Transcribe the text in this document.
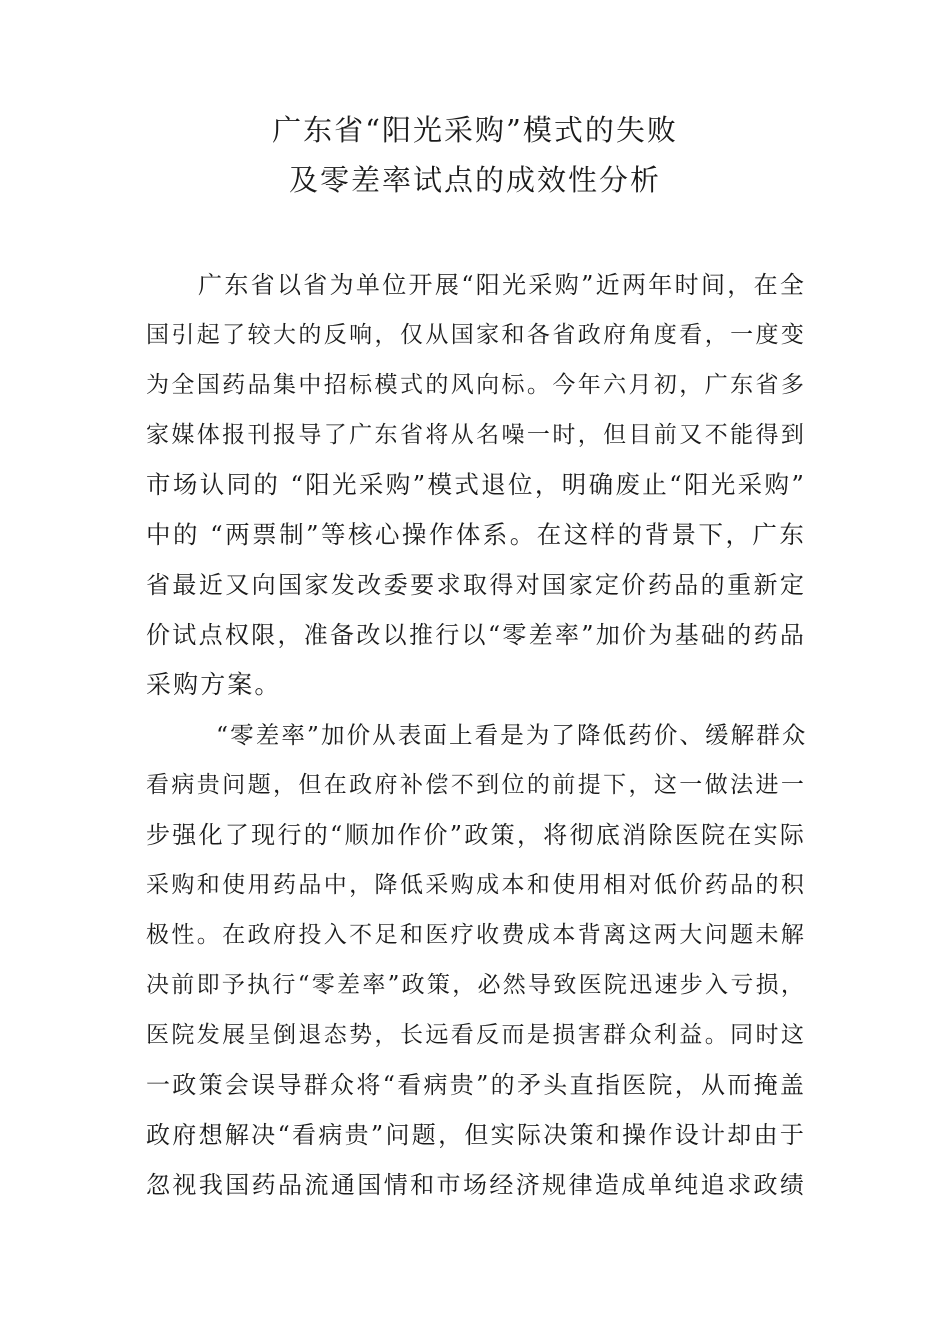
广东省“阳光采购”模式的失败
及零差率试点的成效性分析
广东省以省为单位开展“阳光采购”近两年时间，在全
国引起了较大的反响，仅从国家和各省政府角度看，一度变
为全国药品集中招标模式的风向标。今年六月初，广东省多
家媒体报刊报导了广东省将从名噪一时，但目前又不能得到
市场认同的 “阳光采购”模式退位，明确废止“阳光采购”
中的 “两票制”等核心操作体系。在这样的背景下，广东
省最近又向国家发改委要求取得对国家定价药品的重新定
价试点权限，准备改以推行以“零差率”加价为基础的药品
采购方案。
“零差率”加价从表面上看是为了降低药价、缓解群众
看病贵问题，但在政府补偿不到位的前提下，这一做法进一
步强化了现行的“顺加作价”政策，将彻底消除医院在实际
采购和使用药品中，降低采购成本和使用相对低价药品的积
极性。在政府投入不足和医疗收费成本背离这两大问题未解
决前即予执行“零差率”政策，必然导致医院迅速步入亏损，
医院发展呈倒退态势，长远看反而是损害群众利益。同时这
一政策会误导群众将“看病贵”的矛头直指医院，从而掩盖
政府想解决“看病贵”问题，但实际决策和操作设计却由于
忽视我国药品流通国情和市场经济规律造成单纯追求政绩
